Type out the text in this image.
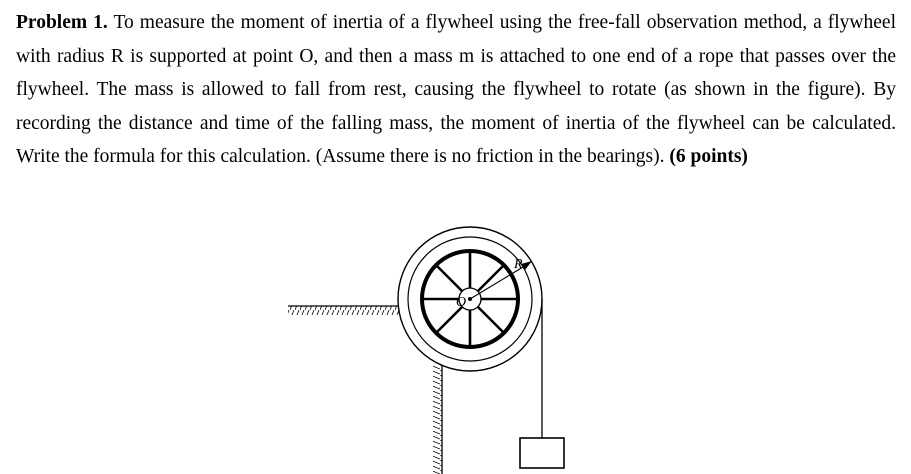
Problem 1. To measure the moment of inertia of a flywheel using the free-fall observation method, a flywheel with radius R is supported at point O, and then a mass m is attached to one end of a rope that passes over the flywheel. The mass is allowed to fall from rest, causing the flywheel to rotate (as shown in the figure). By recording the distance and time of the falling mass, the moment of inertia of the flywheel can be calculated. Write the formula for this calculation. (Assume there is no friction in the bearings). (6 points)

R
O
